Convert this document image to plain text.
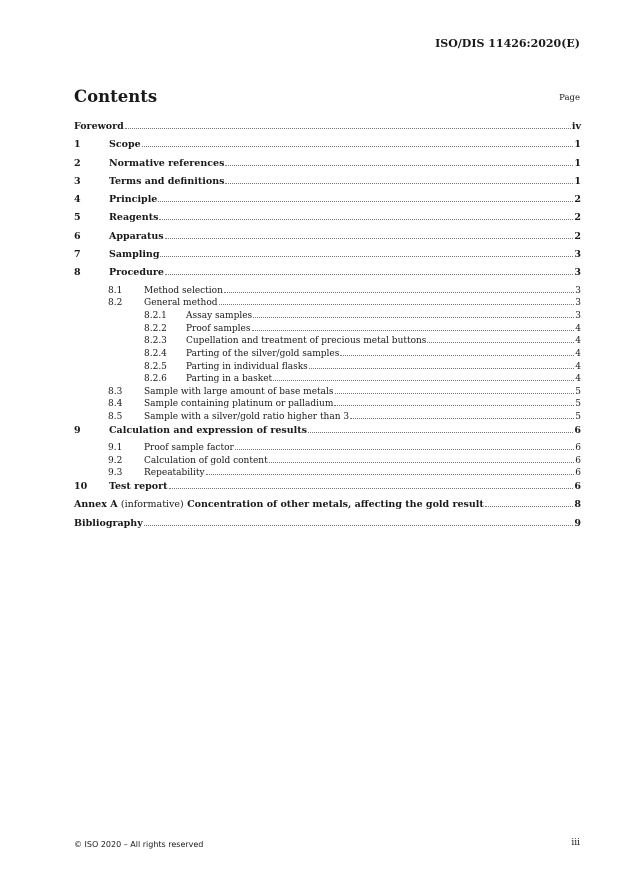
ISO/DIS 11426:2020(E)
Contents	Page
Foreword	iv
1	Scope	1
2	Normative references	1
3	Terms and definitions	1
4	Principle	2
5	Reagents	2
6	Apparatus	2
7	Sampling	3
8	Procedure	3
8.1	Method selection	3
8.2	General method	3
8.2.1	Assay samples	3
8.2.2	Proof samples	4
8.2.3	Cupellation and treatment of precious metal buttons	4
8.2.4	Parting of the silver/gold samples	4
8.2.5	Parting in individual flasks	4
8.2.6	Parting in a basket	4
8.3	Sample with large amount of base metals	5
8.4	Sample containing platinum or palladium	5
8.5	Sample with a silver/gold ratio higher than 3	5
9	Calculation and expression of results	6
9.1	Proof sample factor	6
9.2	Calculation of gold content	6
9.3	Repeatability	6
10	Test report	6
Annex A (informative) Concentration of other metals, affecting the gold result	8
Bibliography	9
© ISO 2020 – All rights reserved	iii
